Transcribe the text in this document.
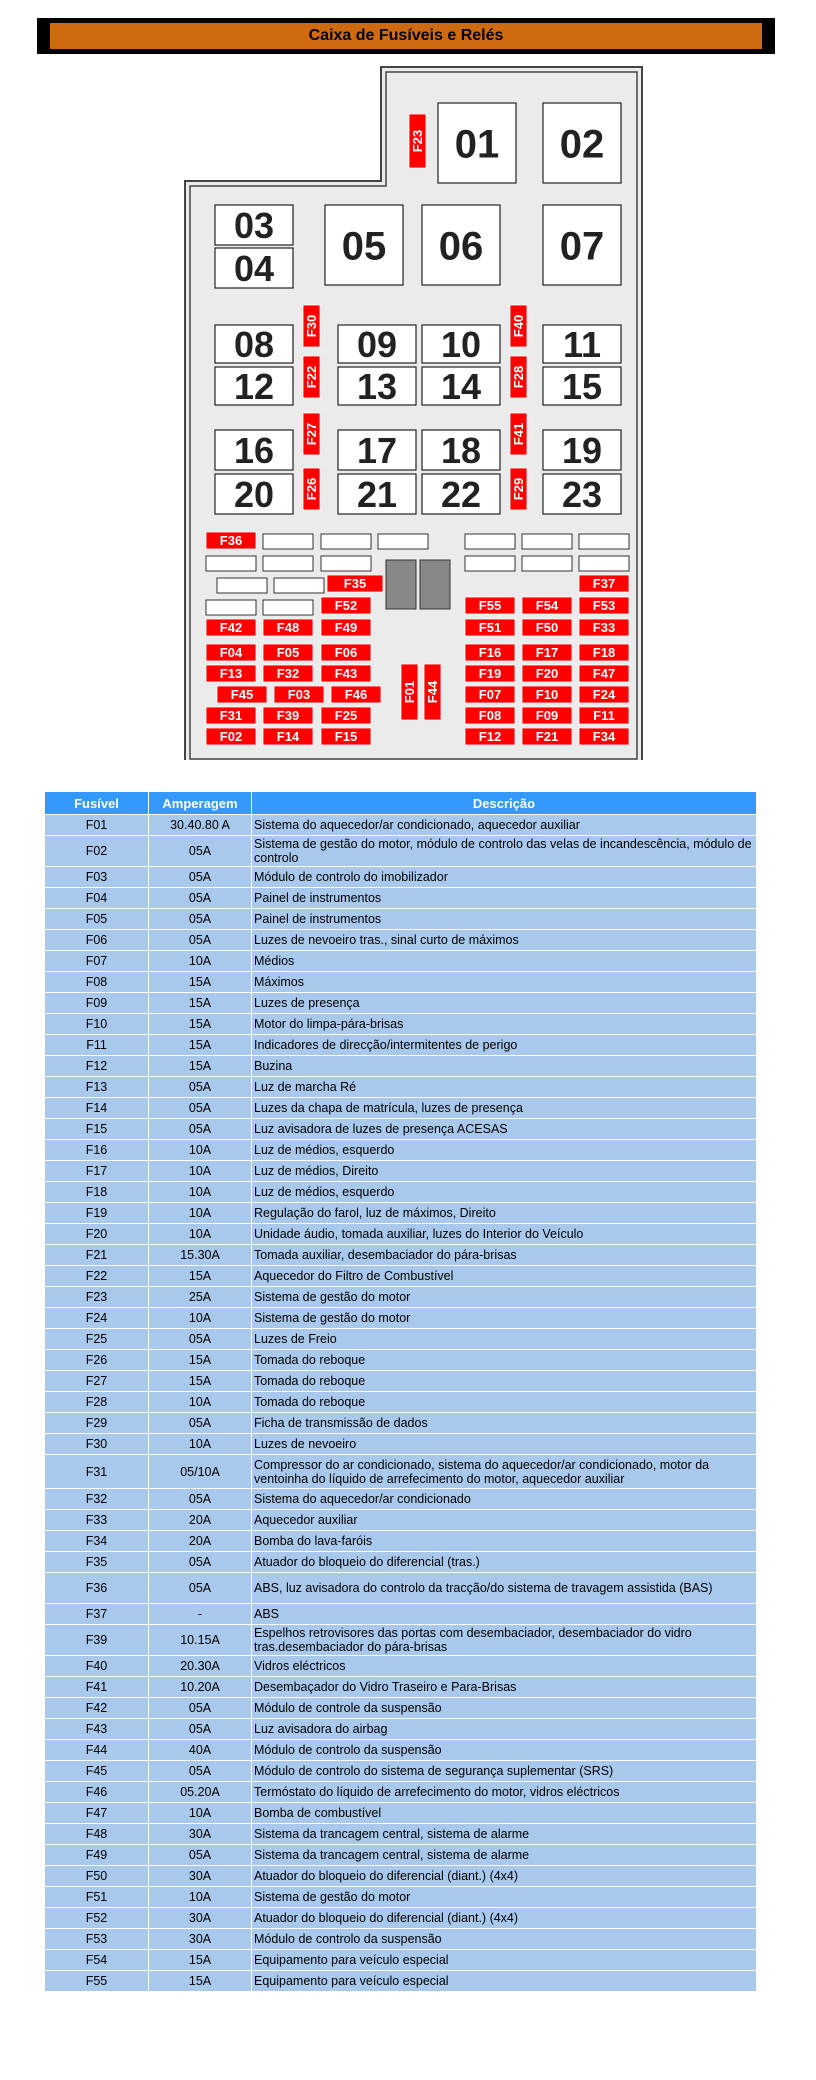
Caixa de Fusíveis e Relés
01 02
03
04
05 06 07
08 09 10 11
12 13 14 15
16 17 18 19
20 21 22 23
F23
F30	F40
F22	F28
F27	F41
F26	F29
F36
F35	F37
F52	F55	F54	F53
F42	F48	F49	F51	F50	F33
F04	F05	F06	F16	F17	F18
F13	F32	F43	F19	F20	F47
F45	F03	F46	F07	F10	F24
F31	F39	F25	F08	F09	F11
F02	F14	F15	F12	F21	F34
F01 F44
Fusível	Amperagem	Descrição
F01	30.40.80 A	Sistema do aquecedor/ar condicionado, aquecedor auxiliar
F02	05A	Sistema de gestão do motor, módulo de controlo das velas de incandescência, módulo de controlo
F03	05A	Módulo de controlo do imobilizador
F04	05A	Painel de instrumentos
F05	05A	Painel de instrumentos
F06	05A	Luzes de nevoeiro tras., sinal curto de máximos
F07	10A	Médios
F08	15A	Máximos
F09	15A	Luzes de presença
F10	15A	Motor do limpa-pára-brisas
F11	15A	Indicadores de direcção/intermitentes de perigo
F12	15A	Buzina
F13	05A	Luz de marcha Ré
F14	05A	Luzes da chapa de matrícula, luzes de presença
F15	05A	Luz avisadora de luzes de presença ACESAS
F16	10A	Luz de médios, esquerdo
F17	10A	Luz de médios, Direito
F18	10A	Luz de médios, esquerdo
F19	10A	Regulação do farol, luz de máximos, Direito
F20	10A	Unidade áudio, tomada auxiliar, luzes do Interior do Veículo
F21	15.30A	Tomada auxiliar, desembaciador do pára-brisas
F22	15A	Aquecedor do Filtro de Combustível
F23	25A	Sistema de gestão do motor
F24	10A	Sistema de gestão do motor
F25	05A	Luzes de Freio
F26	15A	Tomada do reboque
F27	15A	Tomada do reboque
F28	10A	Tomada do reboque
F29	05A	Ficha de transmissão de dados
F30	10A	Luzes de nevoeiro
F31	05/10A	Compressor do ar condicionado, sistema do aquecedor/ar condicionado, motor da ventoinha do líquido de arrefecimento do motor, aquecedor auxiliar
F32	05A	Sistema do aquecedor/ar condicionado
F33	20A	Aquecedor auxiliar
F34	20A	Bomba do lava-faróis
F35	05A	Atuador do bloqueio do diferencial (tras.)
F36	05A	ABS, luz avisadora do controlo da tracção/do sistema de travagem assistida (BAS)
F37	-	ABS
F39	10.15A	Espelhos retrovisores das portas com desembaciador, desembaciador do vidro tras.desembaciador do pára-brisas
F40	20.30A	Vidros eléctricos
F41	10.20A	Desembaçador do Vidro Traseiro e Para-Brisas
F42	05A	Módulo de controle da suspensão
F43	05A	Luz avisadora do airbag
F44	40A	Módulo de controlo da suspensão
F45	05A	Módulo de controlo do sistema de segurança suplementar (SRS)
F46	05.20A	Termóstato do líquido de arrefecimento do motor, vidros eléctricos
F47	10A	Bomba de combustível
F48	30A	Sistema da trancagem central, sistema de alarme
F49	05A	Sistema da trancagem central, sistema de alarme
F50	30A	Atuador do bloqueio do diferencial (diant.) (4x4)
F51	10A	Sistema de gestão do motor
F52	30A	Atuador do bloqueio do diferencial (diant.) (4x4)
F53	30A	Módulo de controlo da suspensão
F54	15A	Equipamento para veículo especial
F55	15A	Equipamento para veículo especial
